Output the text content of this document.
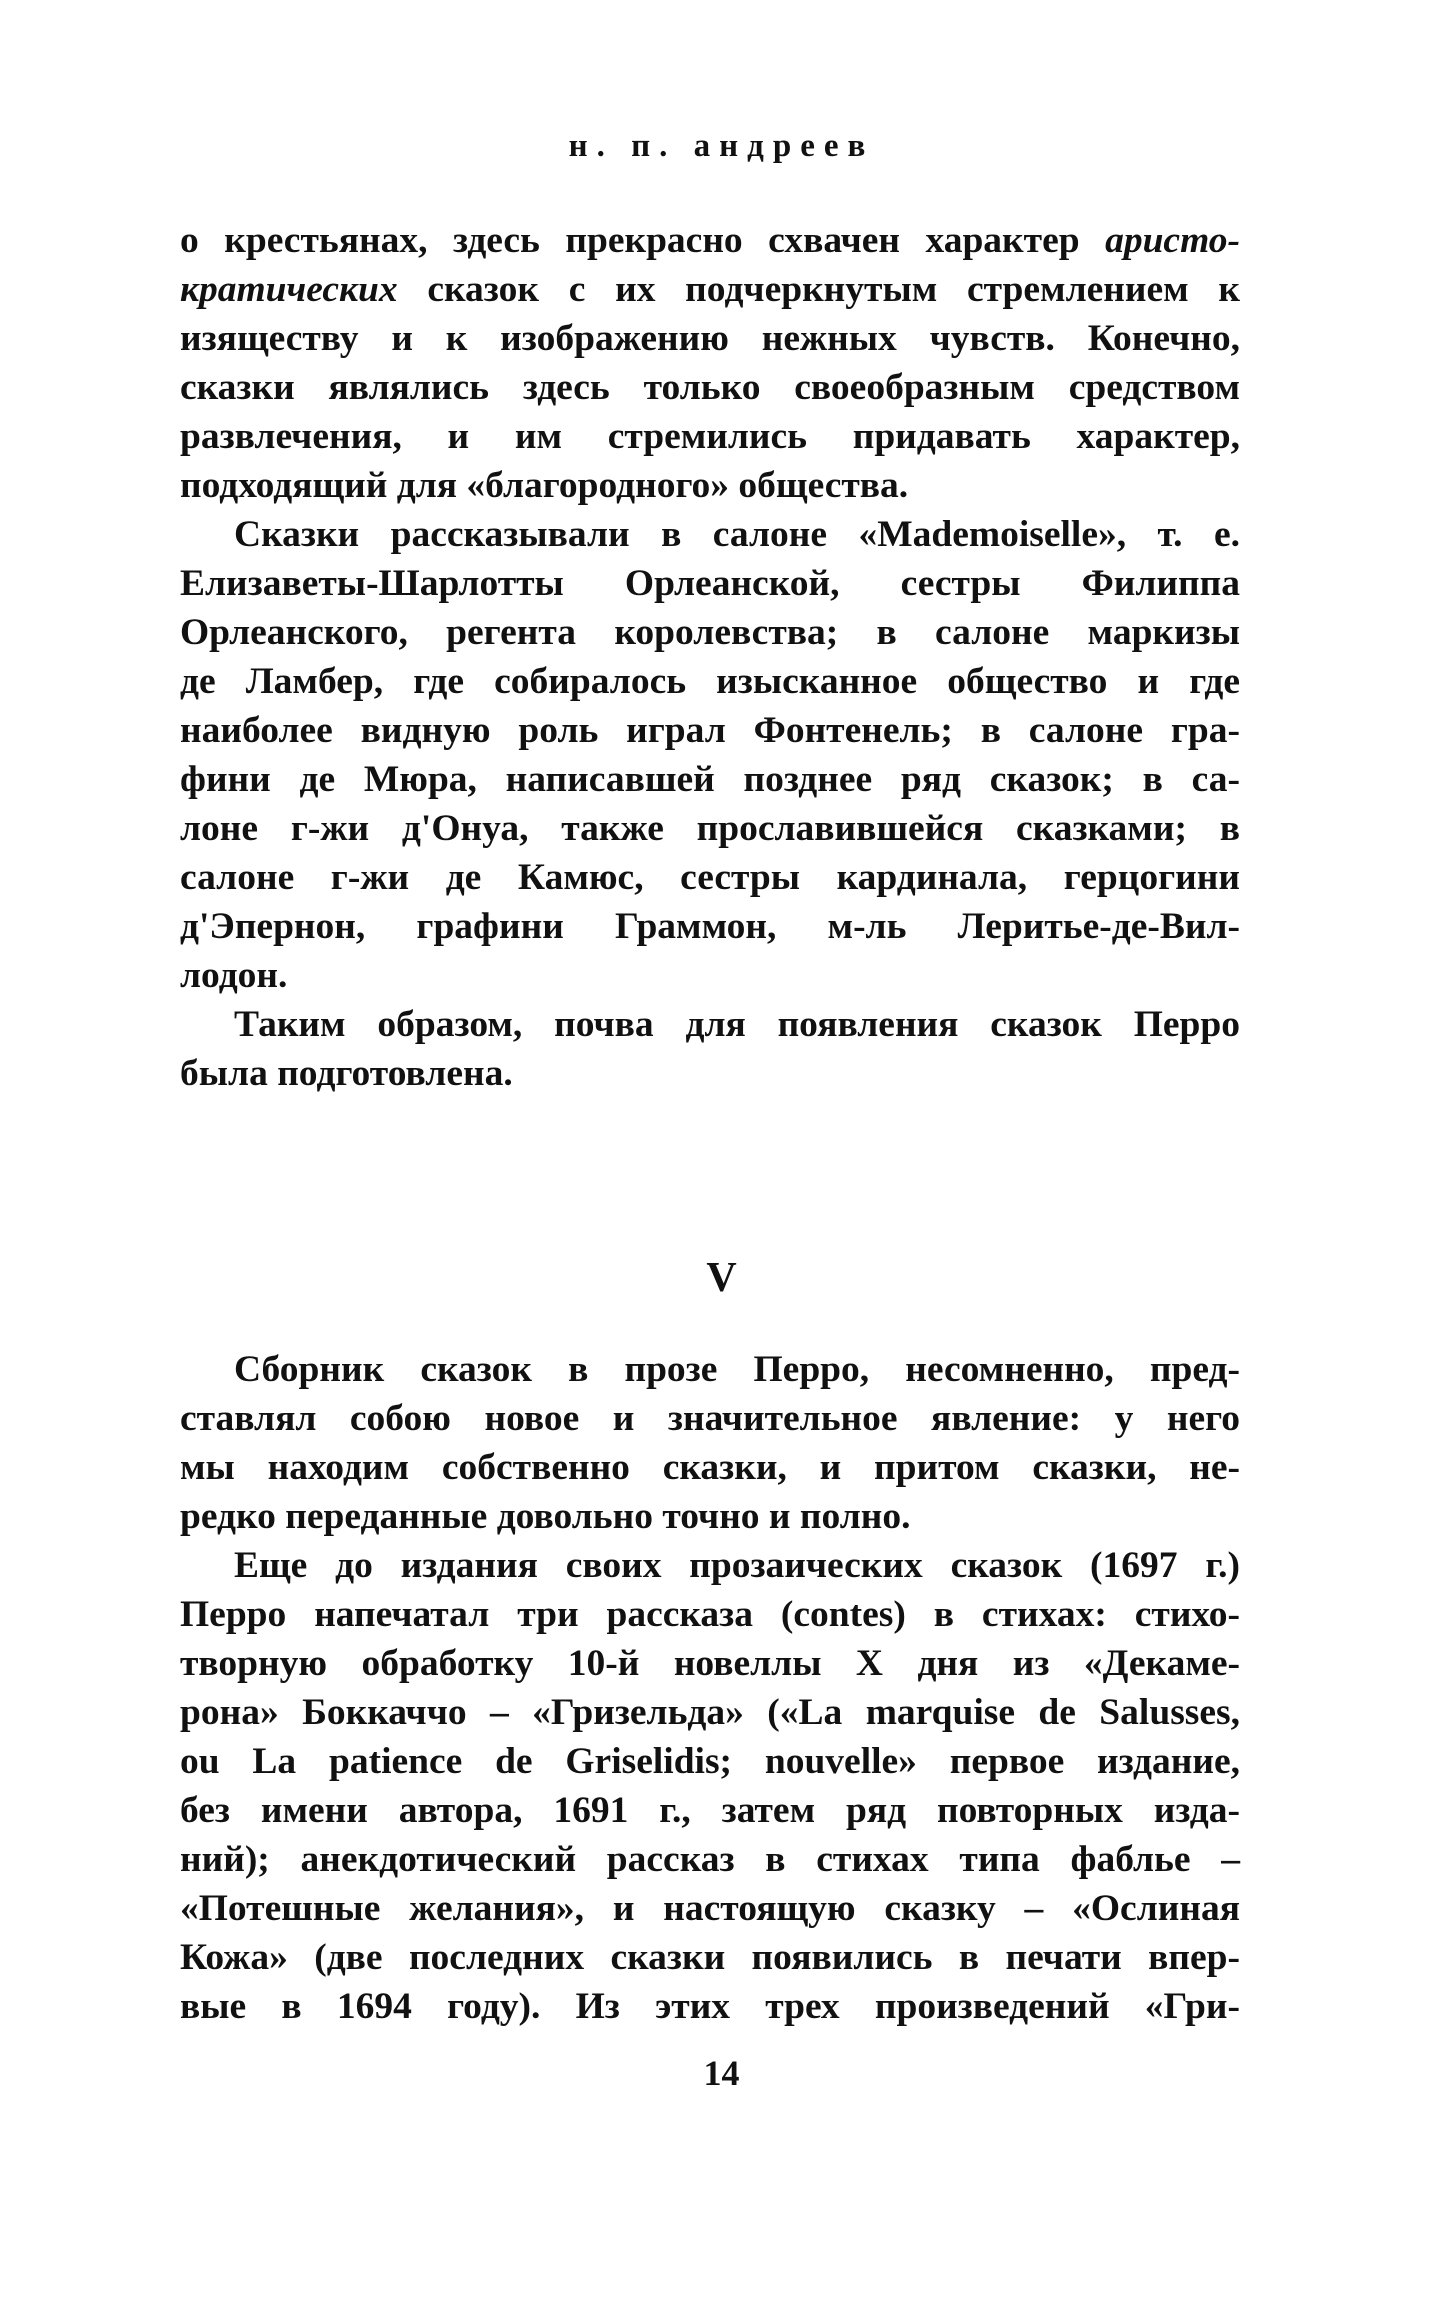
н. п. андреев
о крестьянах, здесь прекрасно схвачен характер аристо-
кратических сказок с их подчеркнутым стремлением к
изяществу и к изображению нежных чувств. Конечно,
сказки являлись здесь только своеобразным средством
развлечения, и им стремились придавать характер,
подходящий для «благородного» общества.
Сказки рассказывали в салоне «Mademoiselle», т. е.
Елизаветы-Шарлотты Орлеанской, сестры Филиппа
Орлеанского, регента королевства; в салоне маркизы
де Ламбер, где собиралось изысканное общество и где
наиболее видную роль играл Фонтенель; в салоне гра-
фини де Мюра, написавшей позднее ряд сказок; в са-
лоне г-жи д'Онуа, также прославившейся сказками; в
салоне г-жи де Камюс, сестры кардинала, герцогини
д'Эпернон, графини Граммон, м-ль Леритье-де-Вил-
лодон.
Таким образом, почва для появления сказок Перро
была подготовлена.
V
Сборник сказок в прозе Перро, несомненно, пред-
ставлял собою новое и значительное явление: у него
мы находим собственно сказки, и притом сказки, не-
редко переданные довольно точно и полно.
Еще до издания своих прозаических сказок (1697 г.)
Перро напечатал три рассказа (contes) в стихах: стихо-
творную обработку 10-й новеллы X дня из «Декаме-
рона» Боккаччо – «Гризельда» («La marquise de Salusses,
ou La patience de Griselidis; nouvelle» первое издание,
без имени автора, 1691 г., затем ряд повторных изда-
ний); анекдотический рассказ в стихах типа фаблье –
«Потешные желания», и настоящую сказку – «Ослиная
Кожа» (две последних сказки появились в печати впер-
вые в 1694 году). Из этих трех произведений «Гри-
14
